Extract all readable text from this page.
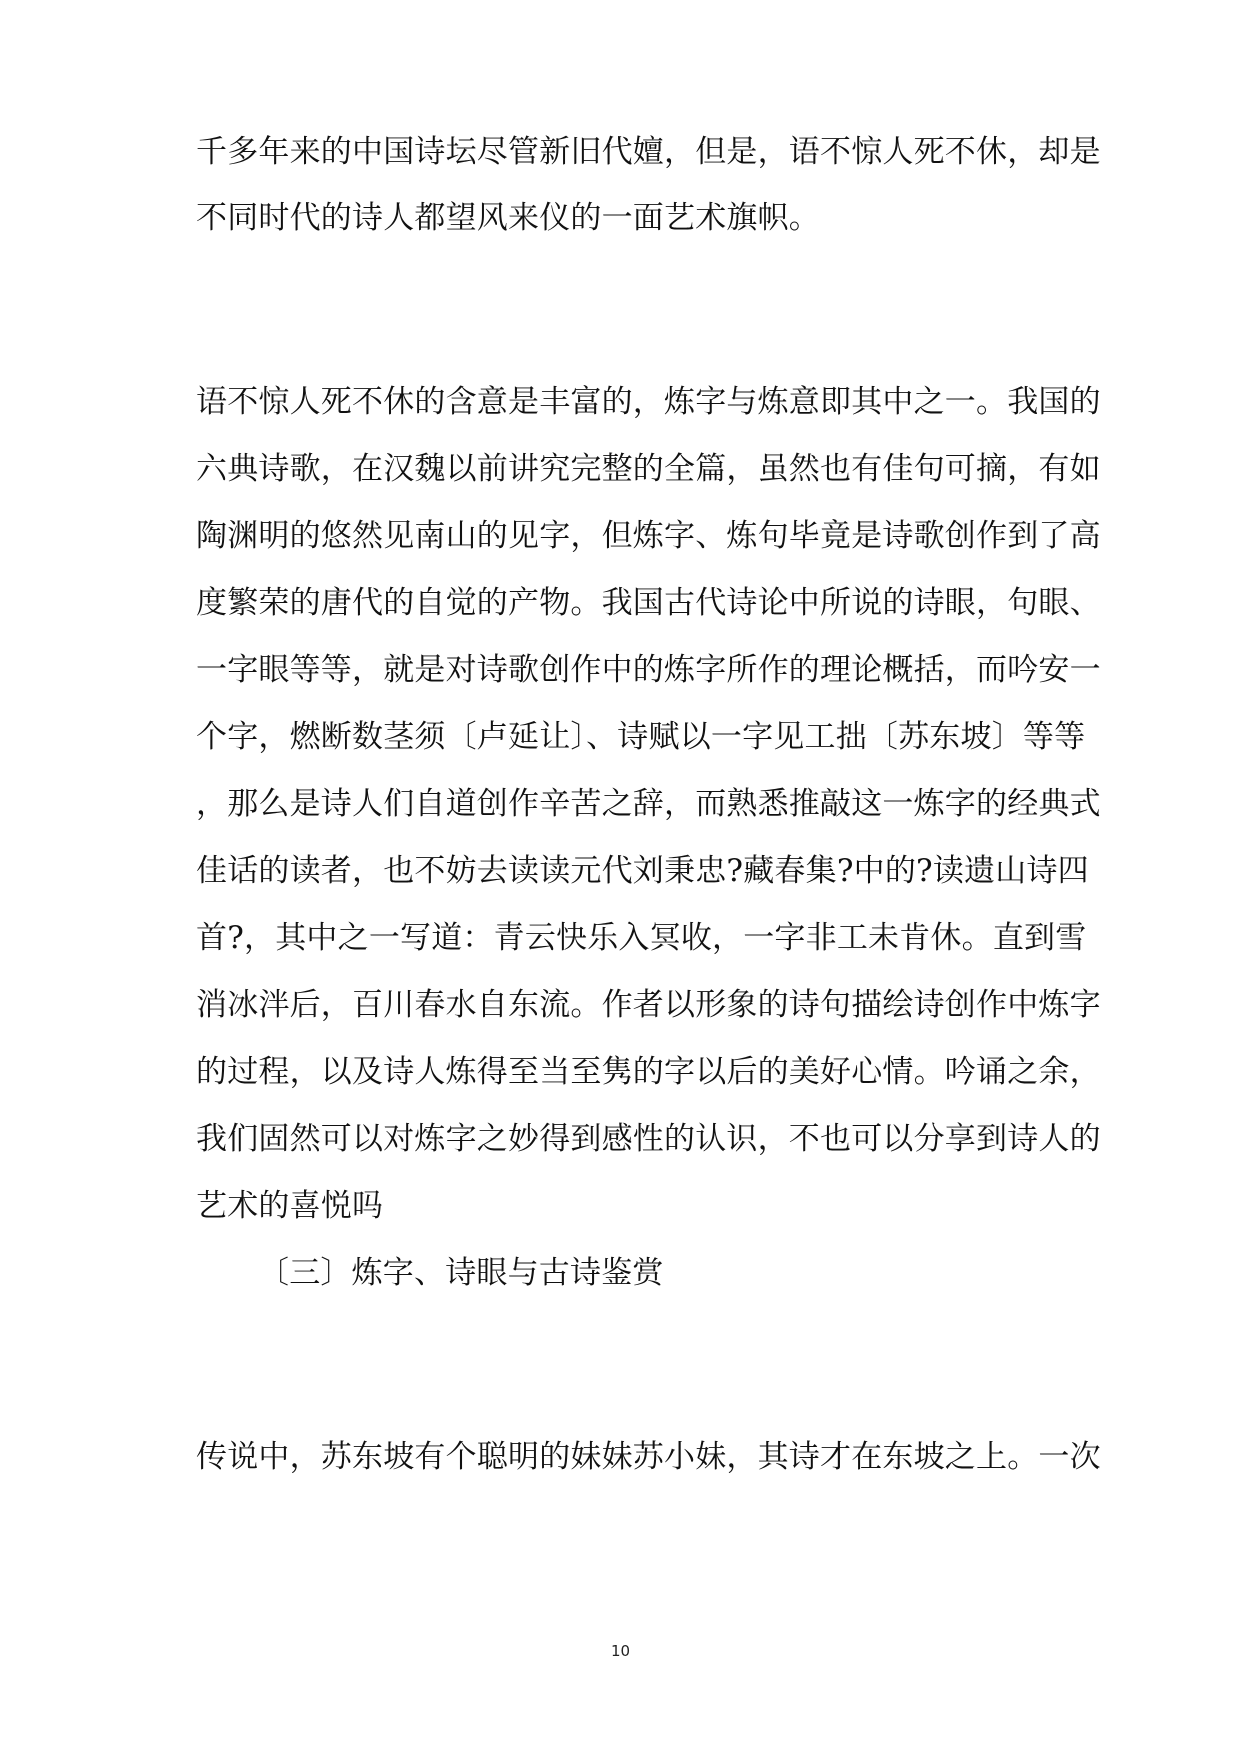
千多年来的中国诗坛尽管新旧代嬗，但是，语不惊人死不休，却是
不同时代的诗人都望风来仪的一面艺术旗帜。
语不惊人死不休的含意是丰富的，炼字与炼意即其中之一。我国的
六典诗歌，在汉魏以前讲究完整的全篇，虽然也有佳句可摘，有如
陶渊明的悠然见南山的见字，但炼字、炼句毕竟是诗歌创作到了高
度繁荣的唐代的自觉的产物。我国古代诗论中所说的诗眼，句眼、
一字眼等等，就是对诗歌创作中的炼字所作的理论概括，而吟安一
个字，燃断数茎须〔卢延让〕、诗赋以一字见工拙〔苏东坡〕等等
，那么是诗人们自道创作辛苦之辞，而熟悉推敲这一炼字的经典式
佳话的读者，也不妨去读读元代刘秉忠?藏春集?中的?读遗山诗四
首?，其中之一写道：青云快乐入冥收，一字非工未肯休。直到雪
消冰泮后，百川春水自东流。作者以形象的诗句描绘诗创作中炼字
的过程，以及诗人炼得至当至隽的字以后的美好心情。吟诵之余，
我们固然可以对炼字之妙得到感性的认识，不也可以分享到诗人的
艺术的喜悦吗
〔三〕炼字、诗眼与古诗鉴赏
传说中，苏东坡有个聪明的妹妹苏小妹，其诗才在东坡之上。一次
10
